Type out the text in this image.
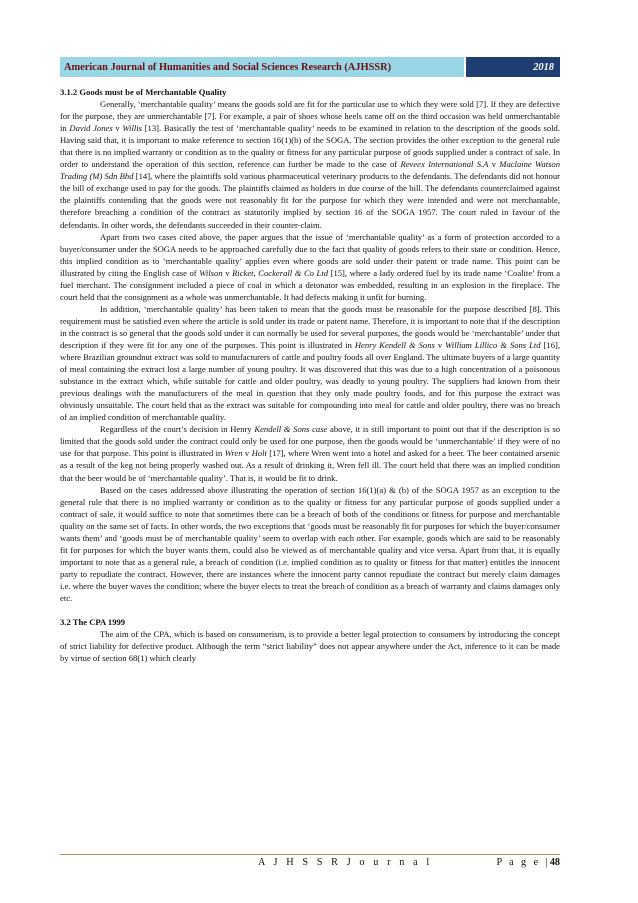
American Journal of Humanities and Social Sciences Research (AJHSSR)	2018

3.1.2 Goods must be of Merchantable Quality

Generally, ‘merchantable quality’ means the goods sold are fit for the particular use to which they were sold [7]. If they are defective for the purpose, they are unmerchantable [7]. For example, a pair of shoes whose heels came off on the third occasion was held unmerchantable in David Jones v Willis [13]. Basically the test of ‘merchantable quality’ needs to be examined in relation to the description of the goods sold. Having said that, it is important to make reference to section 16(1)(b) of the SOGA. The section provides the other exception to the general rule that there is no implied warranty or condition as to the quality or fitness for any particular purpose of goods supplied under a contract of sale. In order to understand the operation of this section, reference can further be made to the case of Reveex International S.A v Maclaine Watson Trading (M) Sdn Bhd [14], where the plaintiffs sold various pharmaceutical veterinary products to the defendants. The defendants did not honour the bill of exchange used to pay for the goods. The plaintiffs claimed as holders in due course of the bill. The defendants counterclaimed against the plaintiffs contending that the goods were not reasonably fit for the purpose for which they were intended and were not merchantable, therefore breaching a condition of the contract as statutorily implied by section 16 of the SOGA 1957. The court ruled in favour of the defendants. In other words, the defendants succeeded in their counter-claim.

Apart from two cases cited above, the paper argues that the issue of ‘merchantable quality’ as a form of protection accorded to a buyer/consumer under the SOGA needs to be approached carefully due to the fact that quality of goods refers to their state or condition. Hence, this implied condition as to ‘merchantable quality’ applies even where goods are sold under their patent or trade name. This point can be illustrated by citing the English case of Wilson v Ricket, Cockerall & Co Ltd [15], where a lady ordered fuel by its trade name ‘Coalite’ from a fuel merchant. The consignment included a piece of coal in which a detonator was embedded, resulting in an explosion in the fireplace. The court held that the consignment as a whole was unmerchantable. It had defects making it unfit for burning.

In addition, ‘merchantable quality’ has been taken to mean that the goods must be reasonable for the purpose described [8]. This requirement must be satisfied even where the article is sold under its trade or patent name. Therefore, it is important to note that if the description in the contract is so general that the goods sold under it can normally be used for several purposes, the goods would be ‘merchantable’ under that description if they were fit for any one of the purposes. This point is illustrated in Henry Kendell & Sons v William Lillico & Sons Ltd [16], where Brazilian groundnut extract was sold to manufacturers of cattle and poultry foods all over England. The ultimate buyers of a large quantity of meal containing the extract lost a large number of young poultry. It was discovered that this was due to a high concentration of a poisonous substance in the extract which, while suitable for cattle and older poultry, was deadly to young poultry. The suppliers had known from their previous dealings with the manufacturers of the meal in question that they only made poultry foods, and for this purpose the extract was obviously unsuitable. The court held that as the extract was suitable for compounding into meal for cattle and older poultry, there was no breach of an implied condition of merchantable quality.

Regardless of the court’s decision in Henry Kendell & Sons case above, it is still important to point out that if the description is so limited that the goods sold under the contract could only be used for one purpose, then the goods would be ‘unmerchantable’ if they were of no use for that purpose. This point is illustrated in Wren v Holt [17], where Wren went into a hotel and asked for a beer. The beer contained arsenic as a result of the keg not being properly washed out. As a result of drinking it, Wren fell ill. The court held that there was an implied condition that the beer would be of ‘merchantable quality’. That is, it would be fit to drink.

Based on the cases addressed above illustrating the operation of section 16(1)(a) & (b) of the SOGA 1957 as an exception to the general rule that there is no implied warranty or condition as to the quality or fitness for any particular purpose of goods supplied under a contract of sale, it would suffice to note that sometimes there can be a breach of both of the conditions or fitness for purpose and merchantable quality on the same set of facts. In other words, the two exceptions that ‘goods must be reasonably fit for purposes for which the buyer/consumer wants them’ and ‘goods must be of merchantable quality’ seem to overlap with each other. For example, goods which are said to be reasonably fit for purposes for which the buyer wants them, could also be viewed as of merchantable quality and vice versa. Apart from that, it is equally important to note that as a general rule, a breach of condition (i.e. implied condition as to quality or fitness for that matter) entitles the innocent party to repudiate the contract. However, there are instances where the innocent party cannot repudiate the contract but merely claim damages i.e. where the buyer waves the condition; where the buyer elects to treat the breach of condition as a breach of warranty and claims damages only etc.

3.2 The CPA 1999

The aim of the CPA, which is based on consumerism, is to provide a better legal protection to consumers by introducing the concept of strict liability for defective product. Although the term “strict liability” does not appear anywhere under the Act, inference to it can be made by virtue of section 68(1) which clearly

A J H S S R J o u r n a l	P a g e |48
